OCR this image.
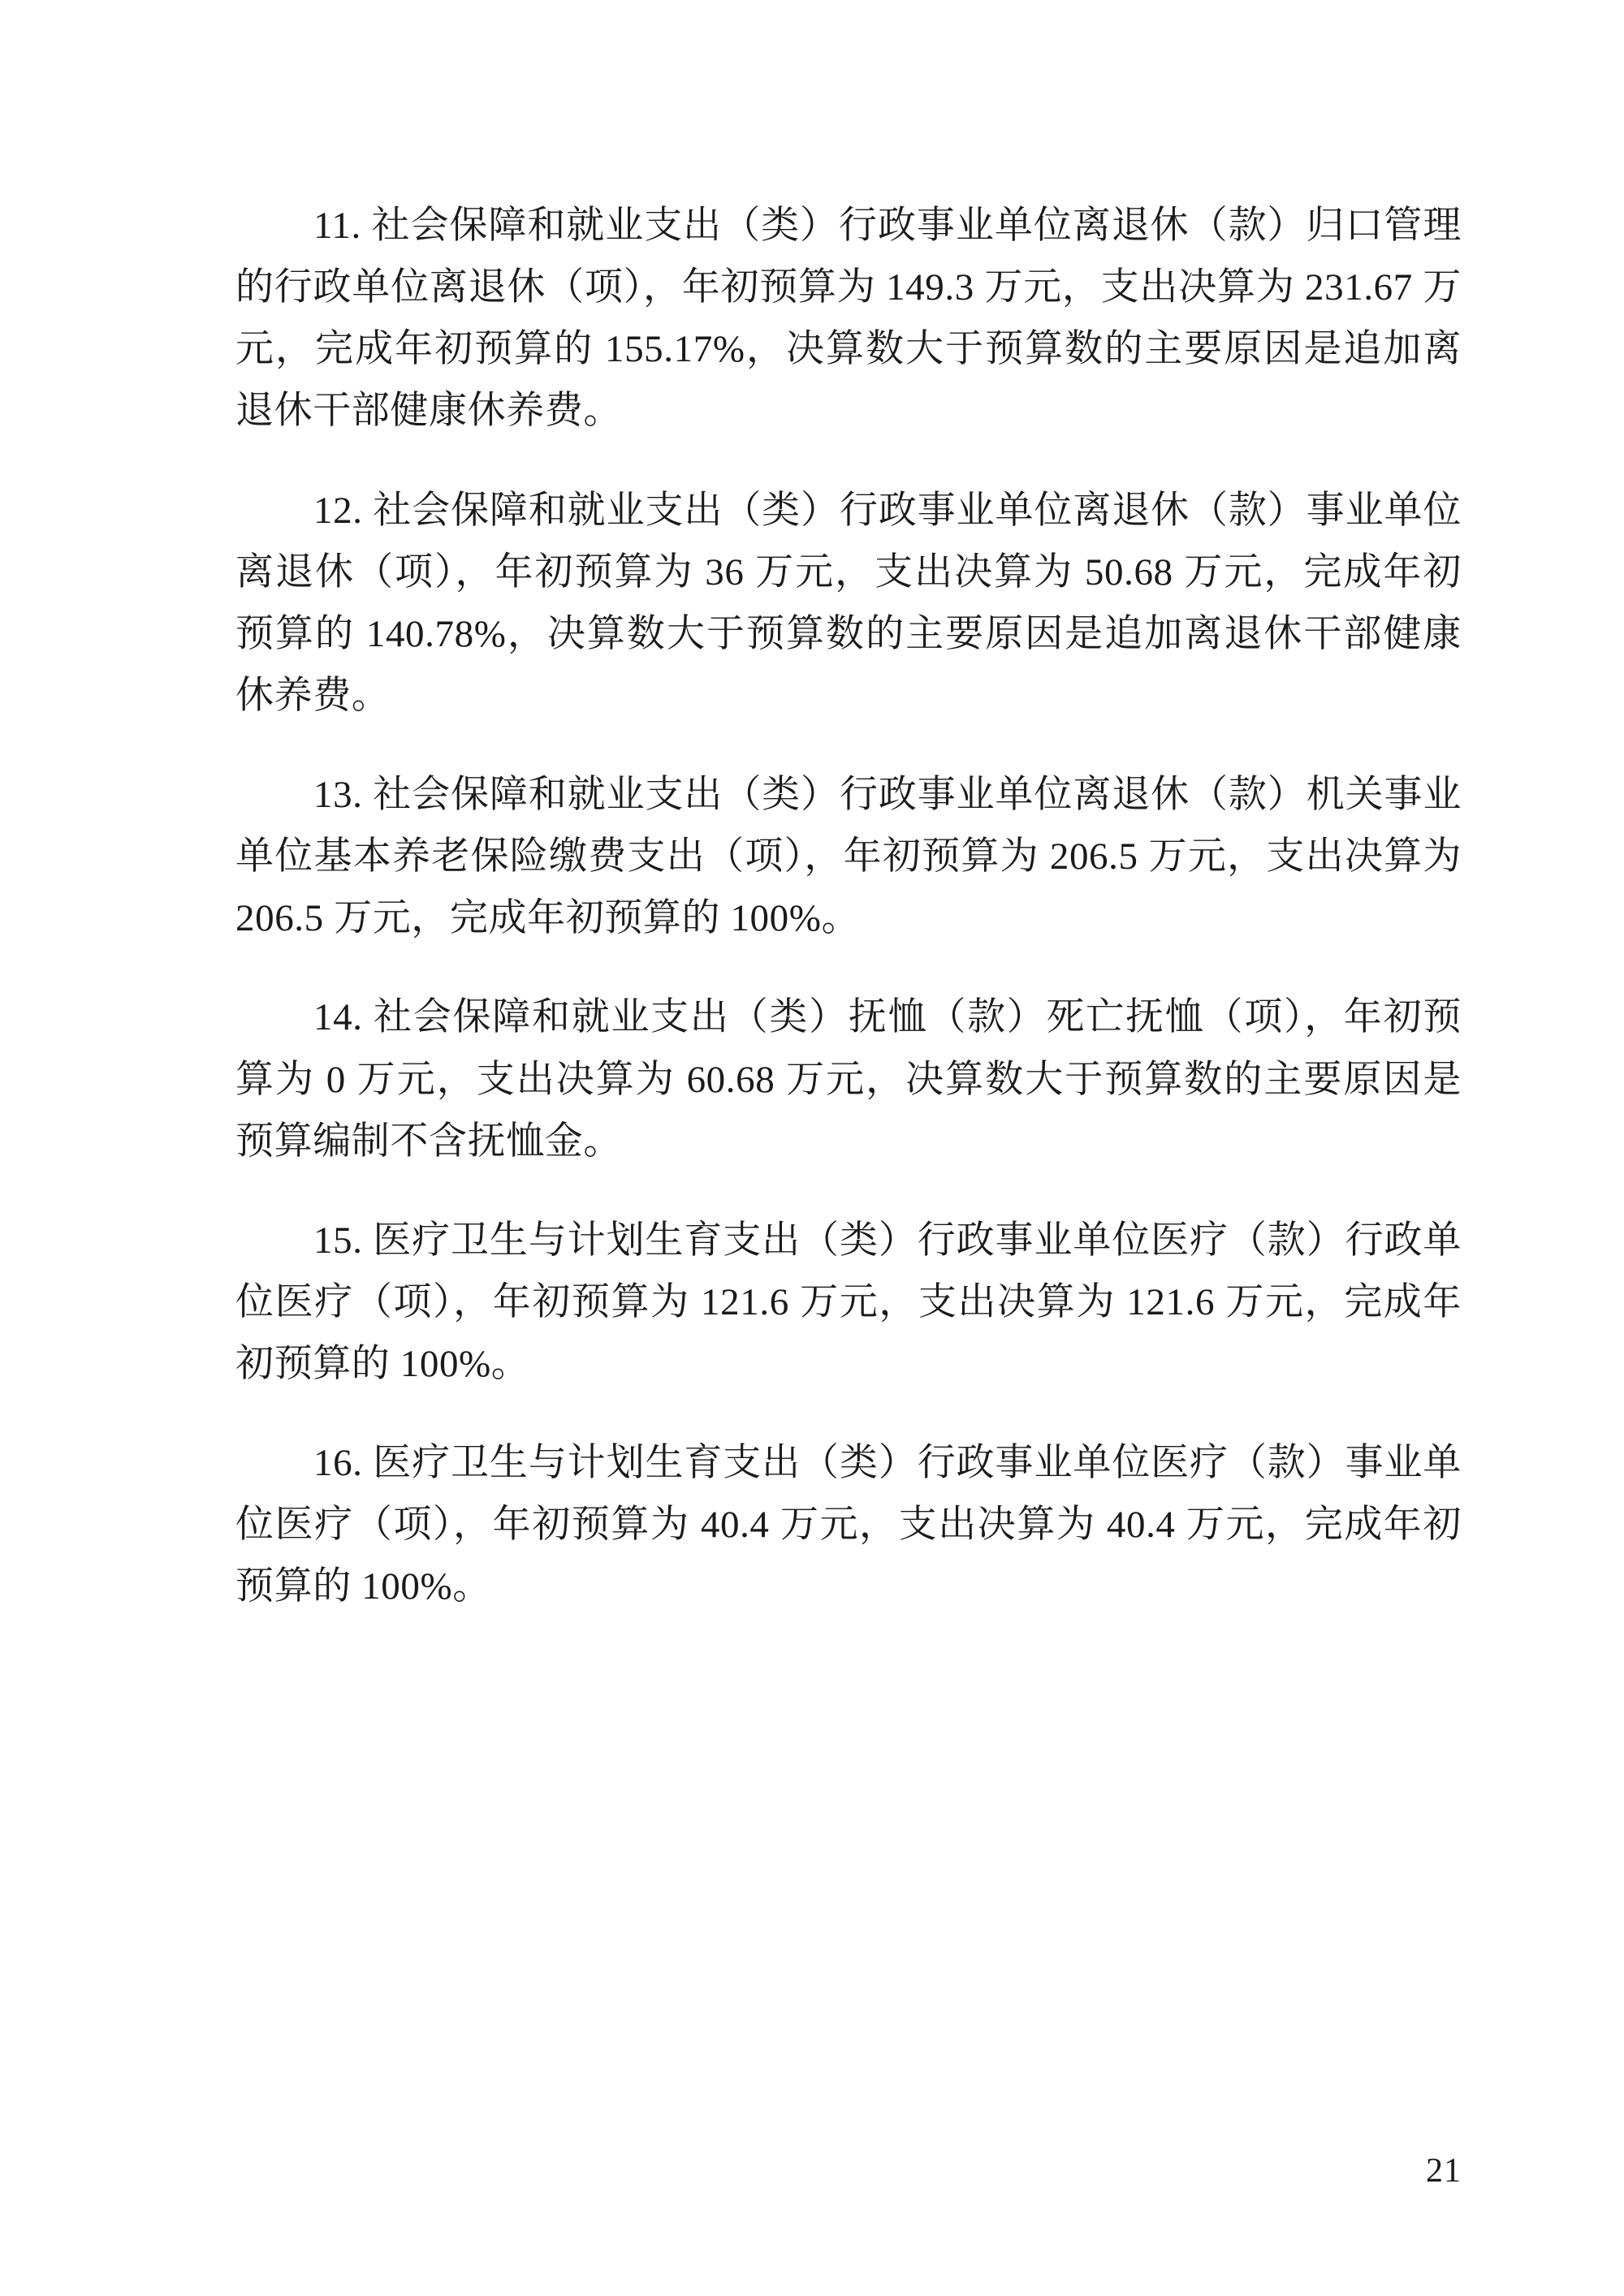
11. 社会保障和就业支出（类）行政事业单位离退休（款）归口管理的行政单位离退休（项），年初预算为 149.3 万元，支出决算为 231.67 万元，完成年初预算的 155.17%，决算数大于预算数的主要原因是追加离退休干部健康休养费。

12. 社会保障和就业支出（类）行政事业单位离退休（款）事业单位离退休（项），年初预算为 36 万元，支出决算为 50.68 万元，完成年初预算的 140.78%，决算数大于预算数的主要原因是追加离退休干部健康休养费。

13. 社会保障和就业支出（类）行政事业单位离退休（款）机关事业单位基本养老保险缴费支出（项），年初预算为 206.5 万元，支出决算为 206.5 万元，完成年初预算的 100%。

14. 社会保障和就业支出（类）抚恤（款）死亡抚恤（项），年初预算为 0 万元，支出决算为 60.68 万元，决算数大于预算数的主要原因是预算编制不含抚恤金。

15. 医疗卫生与计划生育支出（类）行政事业单位医疗（款）行政单位医疗（项），年初预算为 121.6 万元，支出决算为 121.6 万元，完成年初预算的 100%。

16. 医疗卫生与计划生育支出（类）行政事业单位医疗（款）事业单位医疗（项），年初预算为 40.4 万元，支出决算为 40.4 万元，完成年初预算的 100%。

21
